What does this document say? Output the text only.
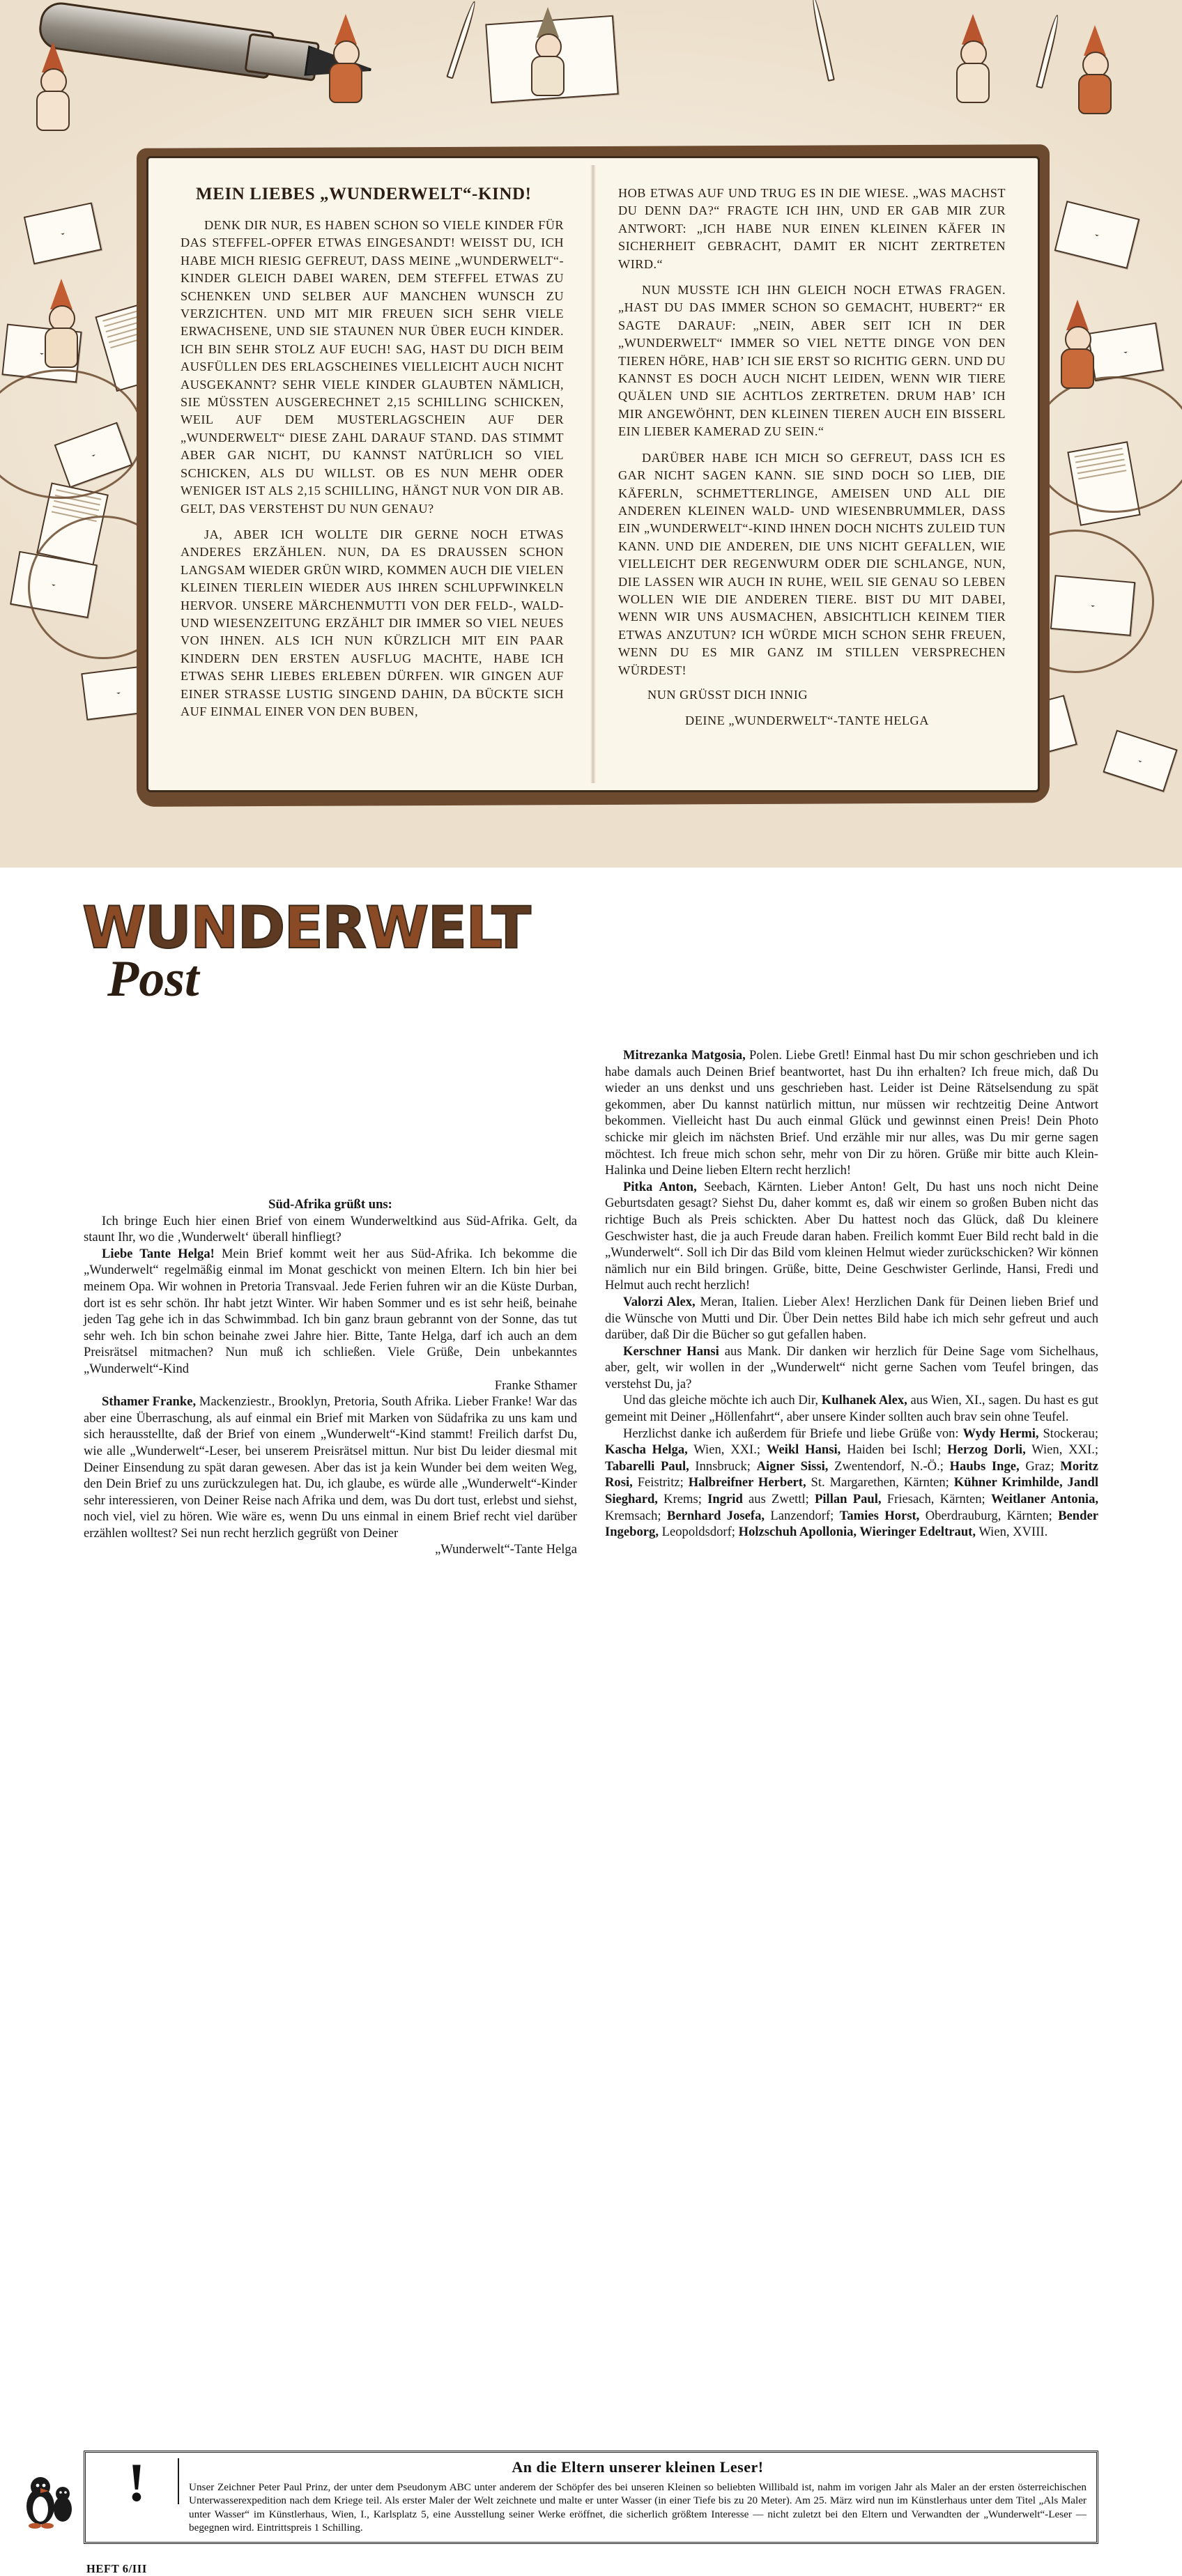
MEIN LIEBES „WUNDERWELT“-KIND!

DENK DIR NUR, ES HABEN SCHON SO VIELE KINDER FÜR DAS STEFFEL-OPFER ETWAS EINGESANDT! WEISST DU, ICH HABE MICH RIESIG GEFREUT, DASS MEINE „WUNDERWELT“-KINDER GLEICH DABEI WAREN, DEM STEFFEL ETWAS ZU SCHENKEN UND SELBER AUF MANCHEN WUNSCH ZU VERZICHTEN. UND MIT MIR FREUEN SICH SEHR VIELE ERWACHSENE, UND SIE STAUNEN NUR ÜBER EUCH KINDER. ICH BIN SEHR STOLZ AUF EUCH! SAG, HAST DU DICH BEIM AUSFÜLLEN DES ERLAGSCHEINES VIELLEICHT AUCH NICHT AUSGEKANNT? SEHR VIELE KINDER GLAUBTEN NÄMLICH, SIE MÜSSTEN AUSGERECHNET 2,15 SCHILLING SCHICKEN, WEIL AUF DEM MUSTERLAGSCHEIN AUF DER „WUNDERWELT“ DIESE ZAHL DARAUF STAND. DAS STIMMT ABER GAR NICHT, DU KANNST NATÜRLICH SO VIEL SCHICKEN, ALS DU WILLST. OB ES NUN MEHR ODER WENIGER IST ALS 2,15 SCHILLING, HÄNGT NUR VON DIR AB. GELT, DAS VERSTEHST DU NUN GENAU?

JA, ABER ICH WOLLTE DIR GERNE NOCH ETWAS ANDERES ERZÄHLEN. NUN, DA ES DRAUSSEN SCHON LANGSAM WIEDER GRÜN WIRD, KOMMEN AUCH DIE VIELEN KLEINEN TIERLEIN WIEDER AUS IHREN SCHLUPFWINKELN HERVOR. UNSERE MÄRCHENMUTTI VON DER FELD-, WALD- UND WIESENZEITUNG ERZÄHLT DIR IMMER SO VIEL NEUES VON IHNEN. ALS ICH NUN KÜRZLICH MIT EIN PAAR KINDERN DEN ERSTEN AUSFLUG MACHTE, HABE ICH ETWAS SEHR LIEBES ERLEBEN DÜRFEN. WIR GINGEN AUF EINER STRASSE LUSTIG SINGEND DAHIN, DA BÜCKTE SICH AUF EINMAL EINER VON DEN BUBEN,

HOB ETWAS AUF UND TRUG ES IN DIE WIESE. „WAS MACHST DU DENN DA?“ FRAGTE ICH IHN, UND ER GAB MIR ZUR ANTWORT: „ICH HABE NUR EINEN KLEINEN KÄFER IN SICHERHEIT GEBRACHT, DAMIT ER NICHT ZERTRETEN WIRD.“

NUN MUSSTE ICH IHN GLEICH NOCH ETWAS FRAGEN. „HAST DU DAS IMMER SCHON SO GEMACHT, HUBERT?“ ER SAGTE DARAUF: „NEIN, ABER SEIT ICH IN DER „WUNDERWELT“ IMMER SO VIEL NETTE DINGE VON DEN TIEREN HÖRE, HAB’ ICH SIE ERST SO RICHTIG GERN. UND DU KANNST ES DOCH AUCH NICHT LEIDEN, WENN WIR TIERE QUÄLEN UND SIE ACHTLOS ZERTRETEN. DRUM HAB’ ICH MIR ANGEWÖHNT, DEN KLEINEN TIEREN AUCH EIN BISSERL EIN LIEBER KAMERAD ZU SEIN.“

DARÜBER HABE ICH MICH SO GEFREUT, DASS ICH ES GAR NICHT SAGEN KANN. SIE SIND DOCH SO LIEB, DIE KÄFERLN, SCHMETTERLINGE, AMEISEN UND ALL DIE ANDEREN KLEINEN WALD- UND WIESENBRUMMLER, DASS EIN „WUNDERWELT“-KIND IHNEN DOCH NICHTS ZULEID TUN KANN. UND DIE ANDEREN, DIE UNS NICHT GEFALLEN, WIE VIELLEICHT DER REGENWURM ODER DIE SCHLANGE, NUN, DIE LASSEN WIR AUCH IN RUHE, WEIL SIE GENAU SO LEBEN WOLLEN WIE DIE ANDEREN TIERE. BIST DU MIT DABEI, WENN WIR UNS AUSMACHEN, ABSICHTLICH KEINEM TIER ETWAS ANZUTUN? ICH WÜRDE MICH SCHON SEHR FREUEN, WENN DU ES MIR GANZ IM STILLEN VERSPRECHEN WÜRDEST!

NUN GRÜSST DICH INNIG
DEINE „WUNDERWELT“-TANTE HELGA
WUNDERWELT
Post

Süd-Afrika grüßt uns:

Ich bringe Euch hier einen Brief von einem Wunderweltkind aus Süd-Afrika. Gelt, da staunt Ihr, wo die ‚Wunderwelt‘ überall hinfliegt?

Liebe Tante Helga! Mein Brief kommt weit her aus Süd-Afrika. Ich bekomme die „Wunderwelt“ regelmäßig einmal im Monat geschickt von meinen Eltern. Ich bin hier bei meinem Opa. Wir wohnen in Pretoria Transvaal. Jede Ferien fuhren wir an die Küste Durban, dort ist es sehr schön. Ihr habt jetzt Winter. Wir haben Sommer und es ist sehr heiß, beinahe jeden Tag gehe ich in das Schwimmbad. Ich bin ganz braun gebrannt von der Sonne, das tut sehr weh. Ich bin schon beinahe zwei Jahre hier. Bitte, Tante Helga, darf ich auch an dem Preisrätsel mitmachen? Nun muß ich schließen. Viele Grüße, Dein unbekanntes „Wunderwelt“-Kind

Franke Sthamer

Sthamer Franke, Mackenziestr., Brooklyn, Pretoria, South Afrika. Lieber Franke! War das aber eine Überraschung, als auf einmal ein Brief mit Marken von Südafrika zu uns kam und sich herausstellte, daß der Brief von einem „Wunderwelt“-Kind stammt! Freilich darfst Du, wie alle „Wunderwelt“-Leser, bei unserem Preisrätsel mittun. Nur bist Du leider diesmal mit Deiner Einsendung zu spät daran gewesen. Aber das ist ja kein Wunder bei dem weiten Weg, den Dein Brief zu uns zurückzulegen hat. Du, ich glaube, es würde alle „Wunderwelt“-Kinder sehr interessieren, von Deiner Reise nach Afrika und dem, was Du dort tust, erlebst und siehst, noch viel, viel zu hören. Wie wäre es, wenn Du uns einmal in einem Brief recht viel darüber erzählen wolltest? Sei nun recht herzlich gegrüßt von Deiner

„Wunderwelt“-Tante Helga

Mitrezanka Matgosia, Polen. Liebe Gretl! Einmal hast Du mir schon geschrieben und ich habe damals auch Deinen Brief beantwortet, hast Du ihn erhalten? Ich freue mich, daß Du wieder an uns denkst und uns geschrieben hast. Leider ist Deine Rätselsendung zu spät gekommen, aber Du kannst natürlich mittun, nur müssen wir rechtzeitig Deine Antwort bekommen. Vielleicht hast Du auch einmal Glück und gewinnst einen Preis! Dein Photo schicke mir gleich im nächsten Brief. Und erzähle mir nur alles, was Du mir gerne sagen möchtest. Ich freue mich schon sehr, mehr von Dir zu hören. Grüße mir bitte auch Klein-Halinka und Deine lieben Eltern recht herzlich!

Pitka Anton, Seebach, Kärnten. Lieber Anton! Gelt, Du hast uns noch nicht Deine Geburtsdaten gesagt? Siehst Du, daher kommt es, daß wir einem so großen Buben nicht das richtige Buch als Preis schickten. Aber Du hattest noch das Glück, daß Du kleinere Geschwister hast, die ja auch Freude daran haben. Freilich kommt Euer Bild recht bald in die „Wunderwelt“. Soll ich Dir das Bild vom kleinen Helmut wieder zurückschicken? Wir können nämlich nur ein Bild bringen. Grüße, bitte, Deine Geschwister Gerlinde, Hansi, Fredi und Helmut auch recht herzlich!

Valorzi Alex, Meran, Italien. Lieber Alex! Herzlichen Dank für Deinen lieben Brief und die Wünsche von Mutti und Dir. Über Dein nettes Bild habe ich mich sehr gefreut und auch darüber, daß Dir die Bücher so gut gefallen haben.

Kerschner Hansi aus Mank. Dir danken wir herzlich für Deine Sage vom Sichelhaus, aber, gelt, wir wollen in der „Wunderwelt“ nicht gerne Sachen vom Teufel bringen, das verstehst Du, ja?

Und das gleiche möchte ich auch Dir, Kulhanek Alex, aus Wien, XI., sagen. Du hast es gut gemeint mit Deiner „Höllenfahrt“, aber unsere Kinder sollten auch brav sein ohne Teufel.

Herzlichst danke ich außerdem für Briefe und liebe Grüße von: Wydy Hermi, Stockerau; Kascha Helga, Wien, XXI.; Weikl Hansi, Haiden bei Ischl; Herzog Dorli, Wien, XXI.; Tabarelli Paul, Innsbruck; Aigner Sissi, Zwentendorf, N.-Ö.; Haubs Inge, Graz; Moritz Rosi, Feistritz; Halbreifner Herbert, St. Margarethen, Kärnten; Kühner Krimhilde, Jandl Sieghard, Krems; Ingrid aus Zwettl; Pillan Paul, Friesach, Kärnten; Weitlaner Antonia, Kremsach; Bernhard Josefa, Lanzendorf; Tamies Horst, Oberdrauburg, Kärnten; Bender Ingeborg, Leopoldsdorf; Holzschuh Apollonia, Wieringer Edeltraut, Wien, XVIII.

!	An die Eltern unserer kleinen Leser!

Unser Zeichner Peter Paul Prinz, der unter dem Pseudonym ABC unter anderem der Schöpfer des bei unseren Kleinen so beliebten Willibald ist, nahm im vorigen Jahr als Maler an der ersten österreichischen Unterwasserexpedition nach dem Kriege teil. Als erster Maler der Welt zeichnete und malte er unter Wasser (in einer Tiefe bis zu 20 Meter). Am 25. März wird nun im Künstlerhaus unter dem Titel „Als Maler unter Wasser“ im Künstlerhaus, Wien, I., Karlsplatz 5, eine Ausstellung seiner Werke eröffnet, die sicherlich größtem Interesse — nicht zuletzt bei den Eltern und Verwandten der „Wunderwelt“-Leser — begegnen wird. Eintrittspreis 1 Schilling.

HEFT 6/III
